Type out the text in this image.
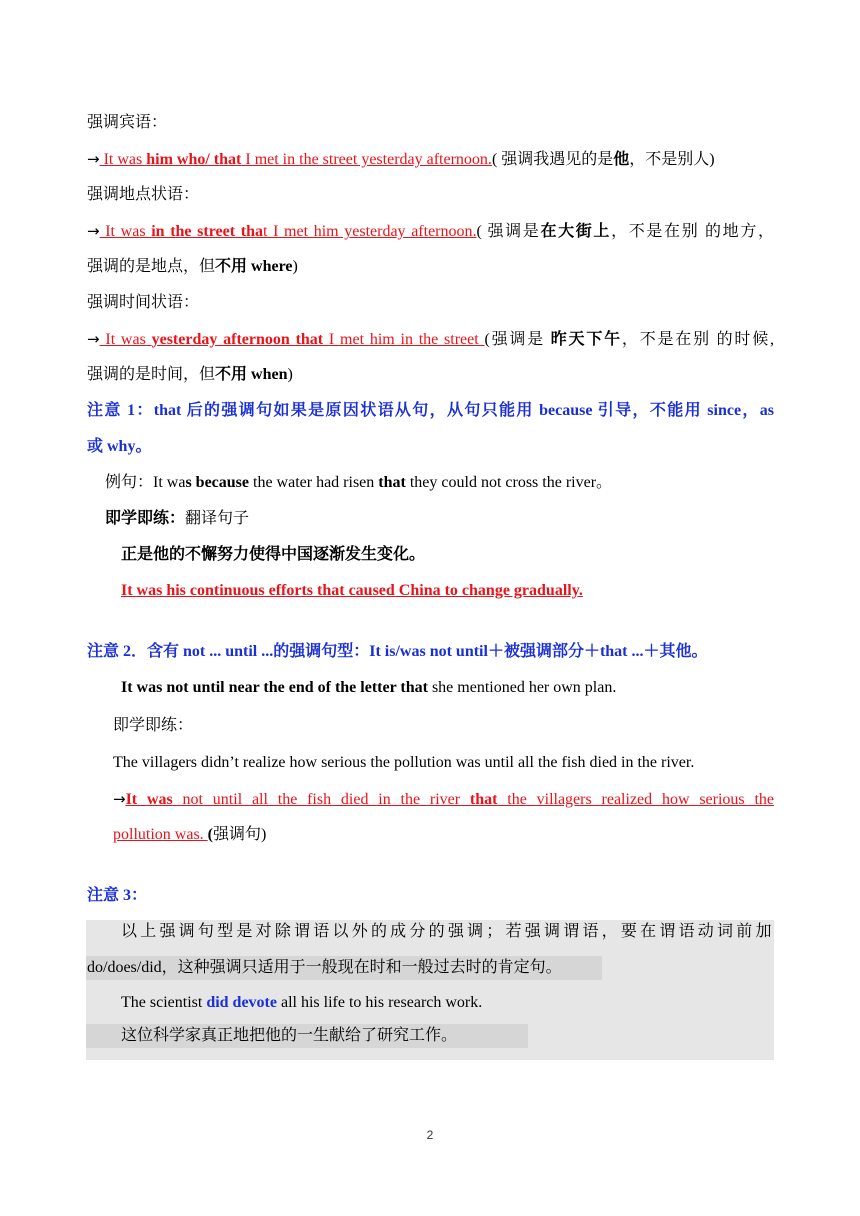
强调宾语：
→ It was him who/ that I met in the street yesterday afternoon.( 强调我遇见的是他，不是别人)
强调地点状语：
→ It was in the street that I met him yesterday afternoon.( 强调是在大街上，不是在别 的地方，
强调的是地点，但不用 where)
强调时间状语：
→ It was yesterday afternoon that I met him in the street (强调是 昨天下午，不是在别 的时候,
强调的是时间，但不用 when)
注意 1：that 后的强调句如果是原因状语从句，从句只能用 because 引导，不能用 since，as
或 why。
例句：It was because the water had risen that they could not cross the river。
即学即练：翻译句子
正是他的不懈努力使得中国逐渐发生变化。
It was his continuous efforts that caused China to change gradually.
注意 2．含有 not ... until ...的强调句型：It is/was not until＋被强调部分＋that ...＋其他。
It was not until near the end of the letter that she mentioned her own plan.
即学即练：
The villagers didn’t realize how serious the pollution was until all the fish died in the river.
→It was not until all the fish died in the river that the villagers realized how serious the
pollution was. (强调句)
注意 3：
以上强调句型是对除谓语以外的成分的强调；若强调谓语，要在谓语动词前加
do/does/did，这种强调只适用于一般现在时和一般过去时的肯定句。
The scientist did devote all his life to his research work.
这位科学家真正地把他的一生献给了研究工作。
2
